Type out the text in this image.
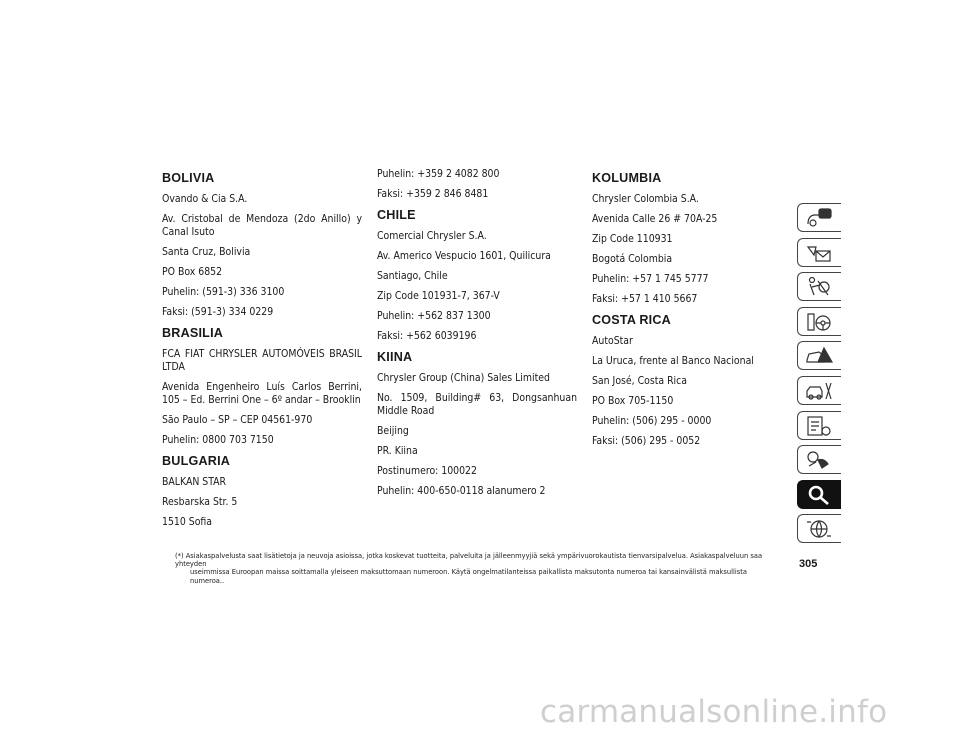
BOLIVIA

Ovando & Cia S.A.

Av. Cristobal de Mendoza (2do Anillo) y Canal Isuto

Santa Cruz, Bolivia

PO Box 6852

Puhelin: (591-3) 336 3100

Faksi: (591-3) 334 0229

BRASILIA

FCA FIAT CHRYSLER AUTOMÓVEIS BRASIL LTDA

Avenida Engenheiro Luís Carlos Berrini, 105 – Ed. Berrini One – 6º andar – Brooklin

São Paulo – SP – CEP 04561-970

Puhelin: 0800 703 7150

BULGARIA

BALKAN STAR

Resbarska Str. 5

1510 Sofia

Puhelin: +359 2 4082 800

Faksi: +359 2 846 8481

CHILE

Comercial Chrysler S.A.

Av. Americo Vespucio 1601, Quilicura

Santiago, Chile

Zip Code 101931-7, 367-V

Puhelin: +562 837 1300

Faksi: +562 6039196

KIINA

Chrysler Group (China) Sales Limited

No. 1509, Building# 63, Dongsanhuan Middle Road

Beijing

PR. Kiina

Postinumero: 100022

Puhelin: 400-650-0118 alanumero 2

KOLUMBIA

Chrysler Colombia S.A.

Avenida Calle 26 # 70A-25

Zip Code 110931

Bogotá Colombia

Puhelin: +57 1 745 5777

Faksi: +57 1 410 5667

COSTA RICA

AutoStar

La Uruca, frente al Banco Nacional

San José, Costa Rica

PO Box 705-1150

Puhelin: (506) 295 - 0000

Faksi: (506) 295 - 0052

(*) Asiakaspalvelusta saat lisätietoja ja neuvoja asioissa, jotka koskevat tuotteita, palveluita ja jälleenmyyjiä sekä ympärivuorokautista tienvarsipalvelua. Asiakaspalveluun saa yhteyden
useimmissa Euroopan maissa soittamalla yleiseen maksuttomaan numeroon. Käytä ongelmatilanteissa paikallista maksutonta numeroa tai kansainvälistä maksullista numeroa..
305
carmanualsonline.info
